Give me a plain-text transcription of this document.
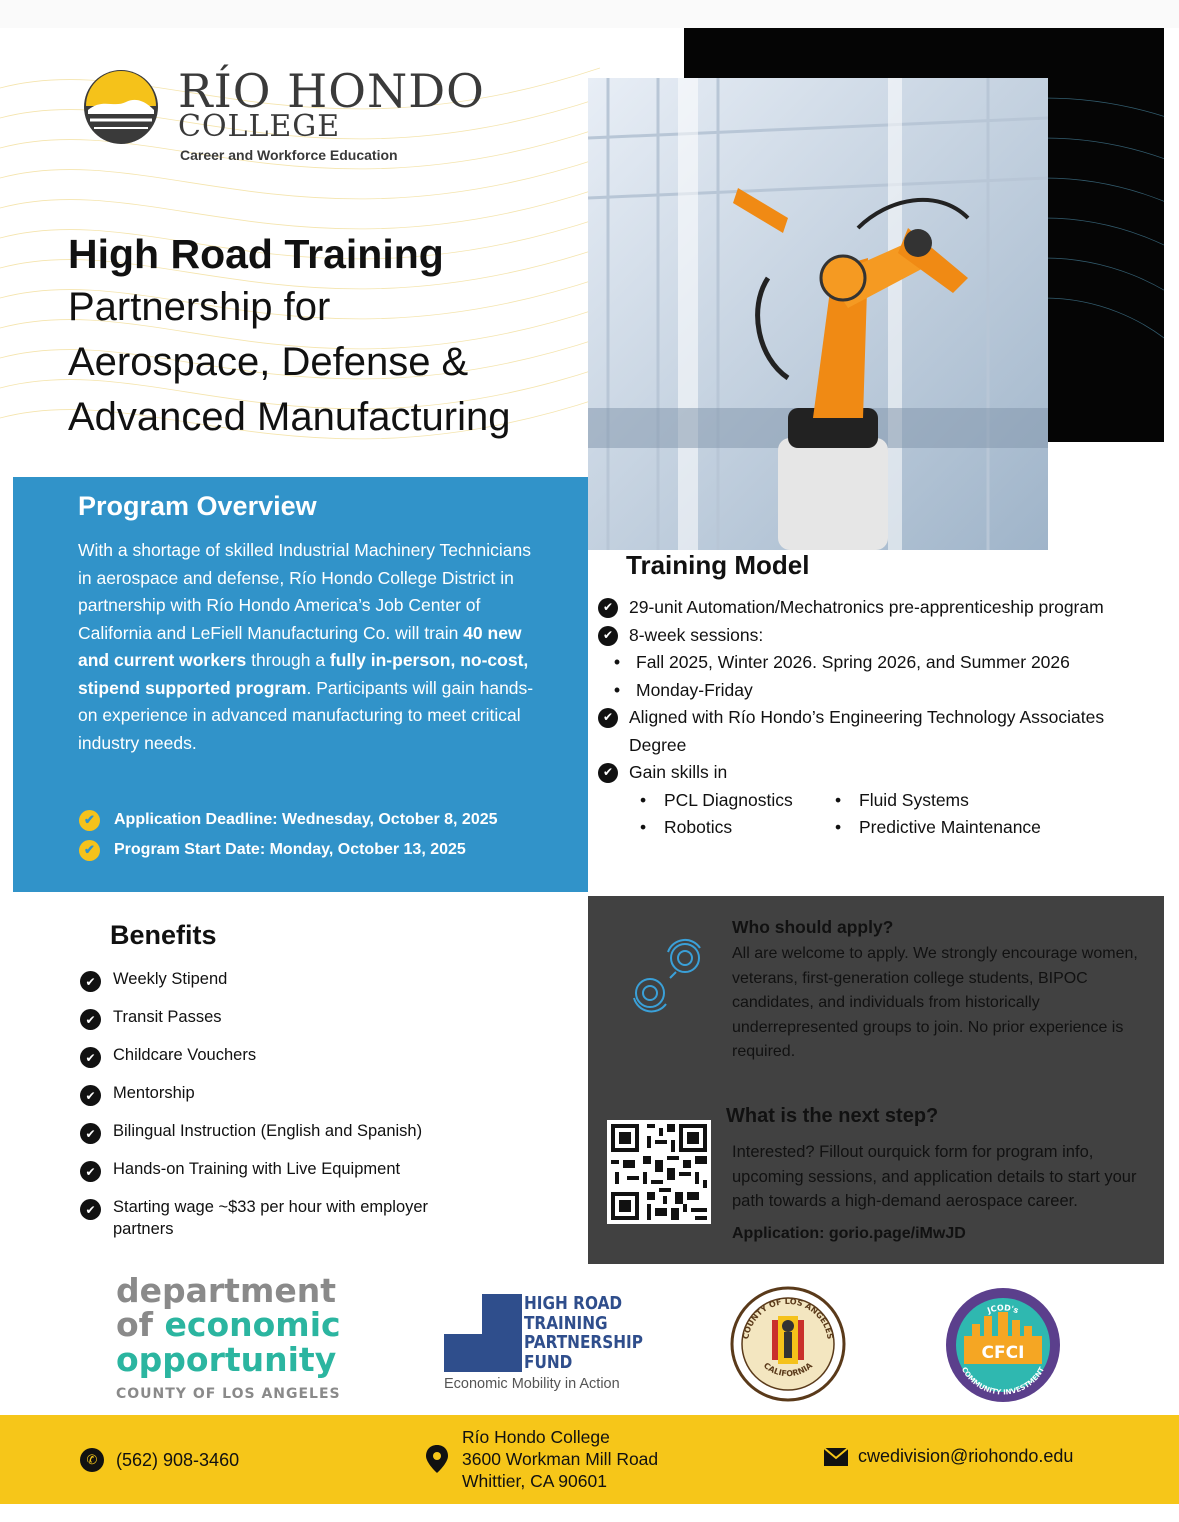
RÍO HONDO
COLLEGE
Career and Workforce Education
High Road Training
Partnership for
Aerospace, Defense &
Advanced Manufacturing
Program Overview

With a shortage of skilled Industrial Machinery Technicians in aerospace and defense, Río Hondo College District in partnership with Río Hondo America’s Job Center of California and LeFiell Manufacturing Co. will train 40 new and current workers through a fully in-person, no-cost, stipend supported program. Participants will gain hands-on experience in advanced manufacturing to meet critical industry needs.

✔	Application Deadline: Wednesday, October 8, 2025
✔	Program Start Date: Monday, October 13, 2025
Training Model
✔ 29-unit Automation/Mechatronics pre-apprenticeship program
✔ 8-week sessions:
• Fall 2025, Winter 2026. Spring 2026, and Summer 2026
• Monday-Friday
✔ Aligned with Río Hondo’s Engineering Technology Associates Degree
✔ Gain skills in
•	PCL Diagnostics •	Fluid Systems
•	Robotics	•	Predictive Maintenance
Benefits
✔	Weekly Stipend
✔	Transit Passes
✔	Childcare Vouchers
✔	Mentorship
✔	Bilingual Instruction (English and Spanish)
✔	Hands-on Training with Live Equipment
✔	Starting wage ~$33 per hour with employer partners
Who should apply?
All are welcome to apply. We strongly encourage women, veterans, first-generation college students, BIPOC candidates, and individuals from historically underrepresented groups to join. No prior experience is required.
What is the next step?
Interested? Fillout ourquick form for program info, upcoming sessions, and application details to start your path towards a high-demand aerospace career.
Application: gorio.page/iMwJD
department
of economic
opportunity
COUNTY OF LOS ANGELES
HIGH ROAD
TRAINING
PARTNERSHIP
FUND
Economic Mobility in Action
COUNTY OF LOS ANGELES
CALIFORNIA
JCOD's
CFCI
COMMUNITY INVESTMENT
✆	(562) 908-3460
Río Hondo College
3600 Workman Mill Road
Whittier, CA 90601
cwedivision@riohondo.edu
